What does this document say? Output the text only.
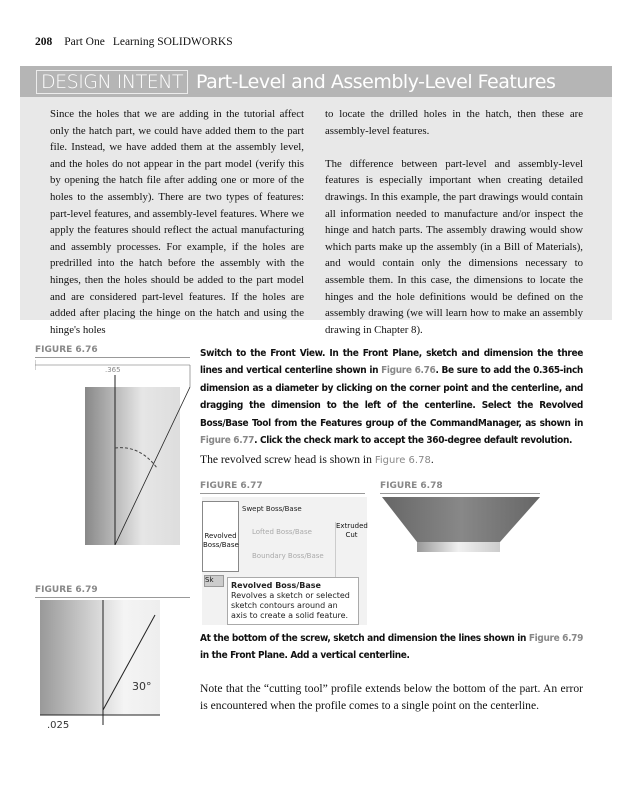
208 Part One Learning SOLIDWORKS
DESIGN INTENT Part-Level and Assembly-Level Features

Since the holes that we are adding in the tutorial affect only the hatch part, we could have added them to the part file. Instead, we have added them at the assembly level, and the holes do not appear in the part model (verify this by opening the hatch file after adding one or more of the holes to the assembly). There are two types of features: part-level features, and assembly-level features. Where we apply the features should reflect the actual manufacturing and assembly processes. For example, if the holes are predrilled into the hatch before the assembly with the hinges, then the holes should be added to the part model and are considered part-level features. If the holes are added after placing the hinge on the hatch and using the hinge's holes

to locate the drilled holes in the hatch, then these are assembly-level features.

The difference between part-level and assembly-level features is especially important when creating detailed drawings. In this example, the part drawings would contain all information needed to manufacture and/or inspect the hinge and hatch parts. The assembly drawing would show which parts make up the assembly (in a Bill of Materials), and would contain only the dimensions necessary to assemble them. In this case, the dimensions to locate the hinges and the hole definitions would be defined on the assembly drawing (we will learn how to make an assembly drawing in Chapter 8).

FIGURE 6.76
.365
Switch to the Front View. In the Front Plane, sketch and dimension the three lines and vertical centerline shown in Figure 6.76. Be sure to add the 0.365-inch dimension as a diameter by clicking on the corner point and the centerline, and dragging the dimension to the left of the centerline. Select the Revolved Boss/Base Tool from the Features group of the CommandManager, as shown in Figure 6.77. Click the check mark to accept the 360-degree default revolution.
The revolved screw head is shown in Figure 6.78.
FIGURE 6.77
Revolved Boss/Base
Swept Boss/Base
Lofted Boss/Base
Boundary Boss/Base
Extruded Cut
Sk
Revolved Boss/Base
Revolves a sketch or selected sketch contours around an axis to create a solid feature.
FIGURE 6.78
FIGURE 6.79
30°
.025
At the bottom of the screw, sketch and dimension the lines shown in Figure 6.79 in the Front Plane. Add a vertical centerline.
Note that the “cutting tool” profile extends below the bottom of the part. An error is encountered when the profile comes to a single point on the centerline.
